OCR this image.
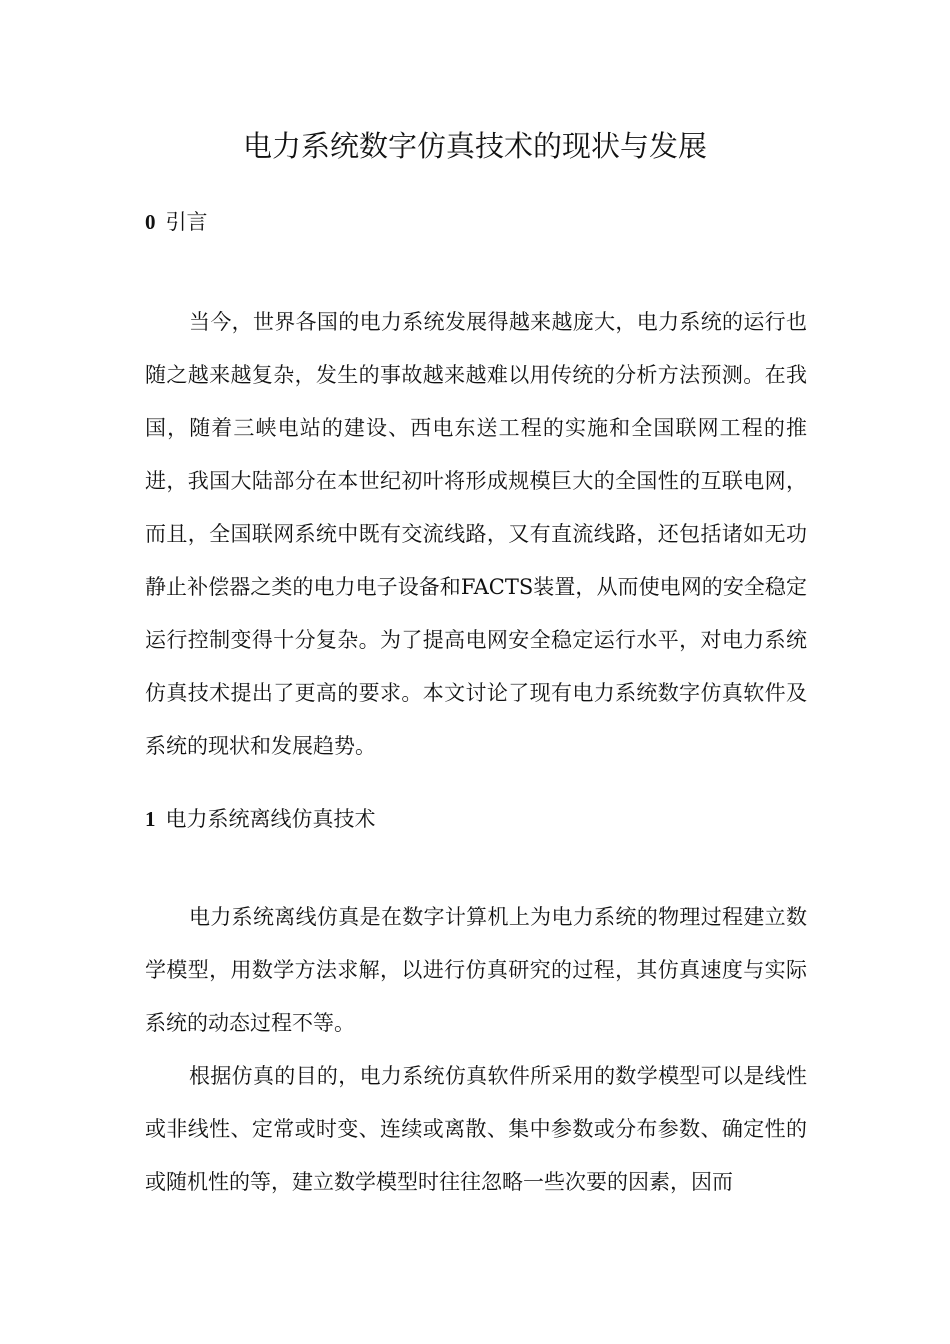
电力系统数字仿真技术的现状与发展
0 引言

当今，世界各国的电力系统发展得越来越庞大，电力系统的运行也随之越来越复杂，发生的事故越来越难以用传统的分析方法预测。在我国，随着三峡电站的建设、西电东送工程的实施和全国联网工程的推进，我国大陆部分在本世纪初叶将形成规模巨大的全国性的互联电网，而且，全国联网系统中既有交流线路，又有直流线路，还包括诸如无功静止补偿器之类的电力电子设备和FACTS装置，从而使电网的安全稳定运行控制变得十分复杂。为了提高电网安全稳定运行水平，对电力系统仿真技术提出了更高的要求。本文讨论了现有电力系统数字仿真软件及系统的现状和发展趋势。

1 电力系统离线仿真技术

电力系统离线仿真是在数字计算机上为电力系统的物理过程建立数学模型，用数学方法求解，以进行仿真研究的过程，其仿真速度与实际系统的动态过程不等。

根据仿真的目的，电力系统仿真软件所采用的数学模型可以是线性或非线性、定常或时变、连续或离散、集中参数或分布参数、确定性的或随机性的等，建立数学模型时往往忽略一些次要的因素，因而
